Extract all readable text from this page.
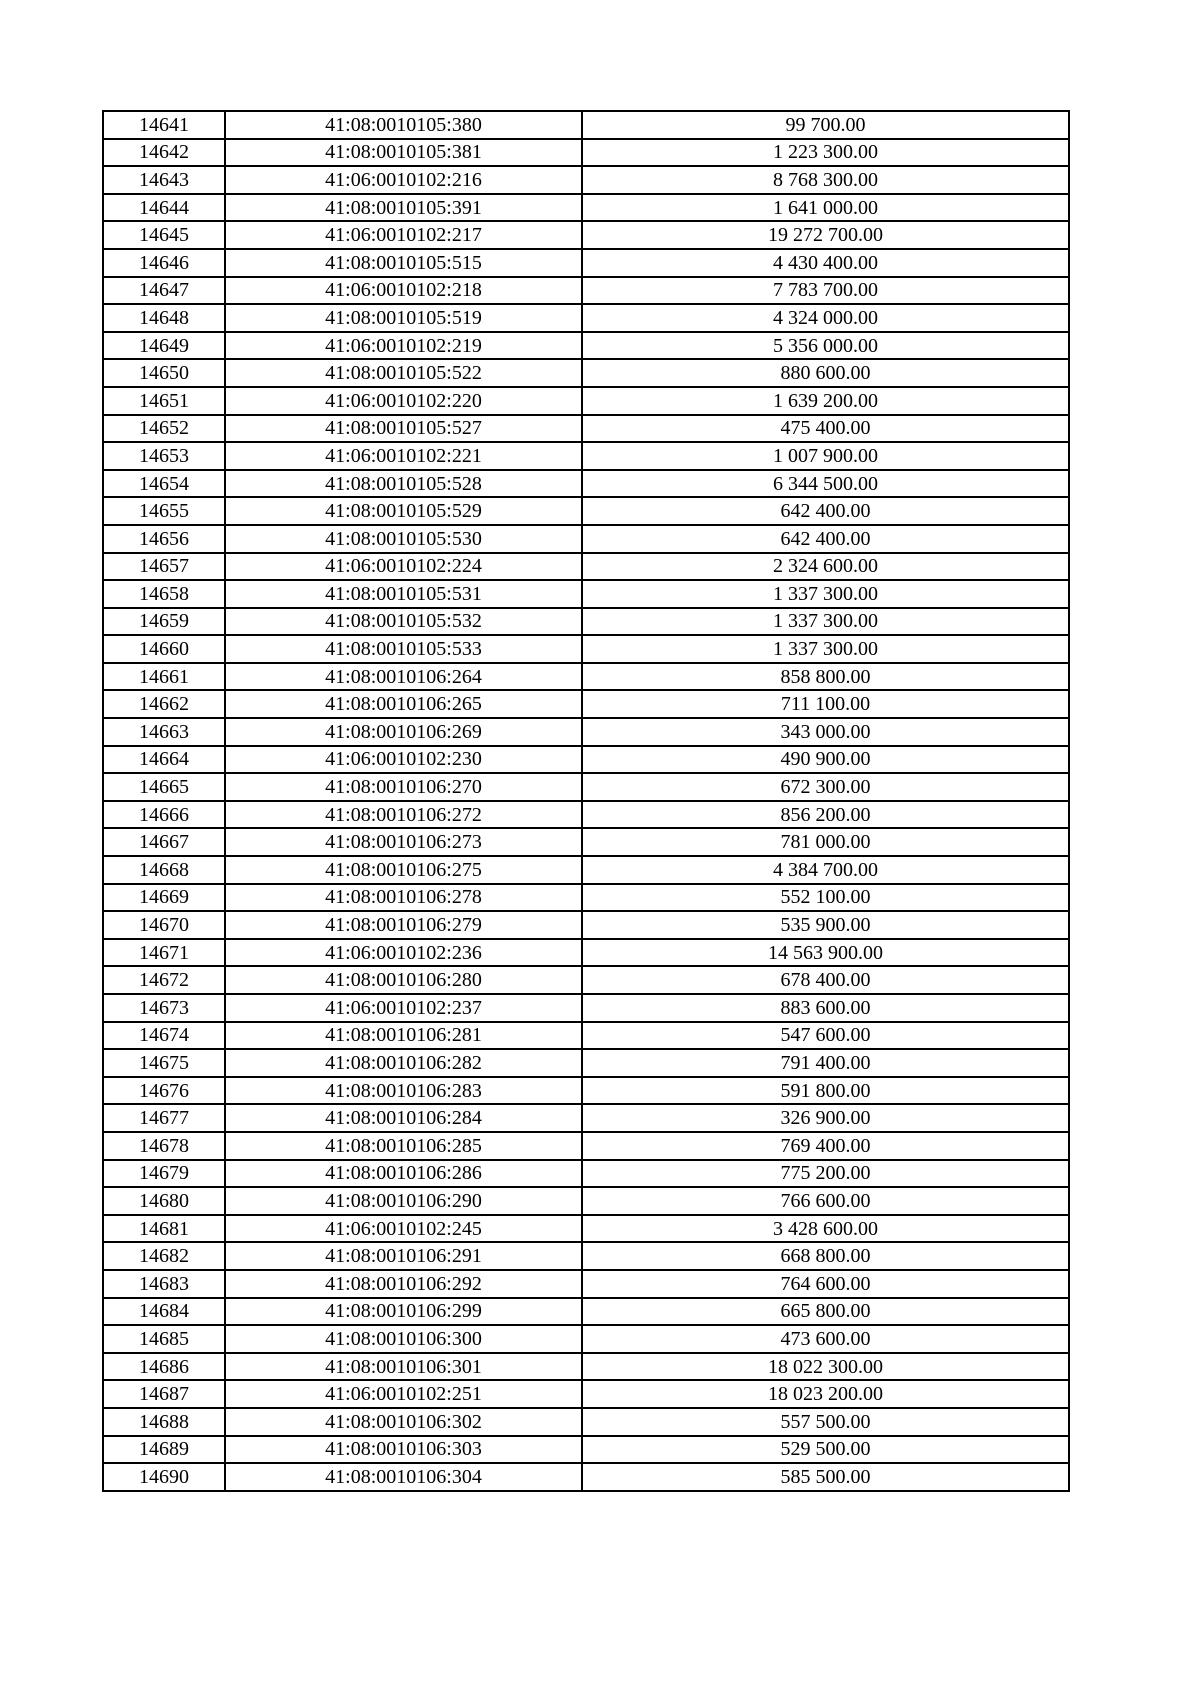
14641	41:08:0010105:380	99 700.00
14642	41:08:0010105:381	1 223 300.00
14643	41:06:0010102:216	8 768 300.00
14644	41:08:0010105:391	1 641 000.00
14645	41:06:0010102:217	19 272 700.00
14646	41:08:0010105:515	4 430 400.00
14647	41:06:0010102:218	7 783 700.00
14648	41:08:0010105:519	4 324 000.00
14649	41:06:0010102:219	5 356 000.00
14650	41:08:0010105:522	880 600.00
14651	41:06:0010102:220	1 639 200.00
14652	41:08:0010105:527	475 400.00
14653	41:06:0010102:221	1 007 900.00
14654	41:08:0010105:528	6 344 500.00
14655	41:08:0010105:529	642 400.00
14656	41:08:0010105:530	642 400.00
14657	41:06:0010102:224	2 324 600.00
14658	41:08:0010105:531	1 337 300.00
14659	41:08:0010105:532	1 337 300.00
14660	41:08:0010105:533	1 337 300.00
14661	41:08:0010106:264	858 800.00
14662	41:08:0010106:265	711 100.00
14663	41:08:0010106:269	343 000.00
14664	41:06:0010102:230	490 900.00
14665	41:08:0010106:270	672 300.00
14666	41:08:0010106:272	856 200.00
14667	41:08:0010106:273	781 000.00
14668	41:08:0010106:275	4 384 700.00
14669	41:08:0010106:278	552 100.00
14670	41:08:0010106:279	535 900.00
14671	41:06:0010102:236	14 563 900.00
14672	41:08:0010106:280	678 400.00
14673	41:06:0010102:237	883 600.00
14674	41:08:0010106:281	547 600.00
14675	41:08:0010106:282	791 400.00
14676	41:08:0010106:283	591 800.00
14677	41:08:0010106:284	326 900.00
14678	41:08:0010106:285	769 400.00
14679	41:08:0010106:286	775 200.00
14680	41:08:0010106:290	766 600.00
14681	41:06:0010102:245	3 428 600.00
14682	41:08:0010106:291	668 800.00
14683	41:08:0010106:292	764 600.00
14684	41:08:0010106:299	665 800.00
14685	41:08:0010106:300	473 600.00
14686	41:08:0010106:301	18 022 300.00
14687	41:06:0010102:251	18 023 200.00
14688	41:08:0010106:302	557 500.00
14689	41:08:0010106:303	529 500.00
14690	41:08:0010106:304	585 500.00
